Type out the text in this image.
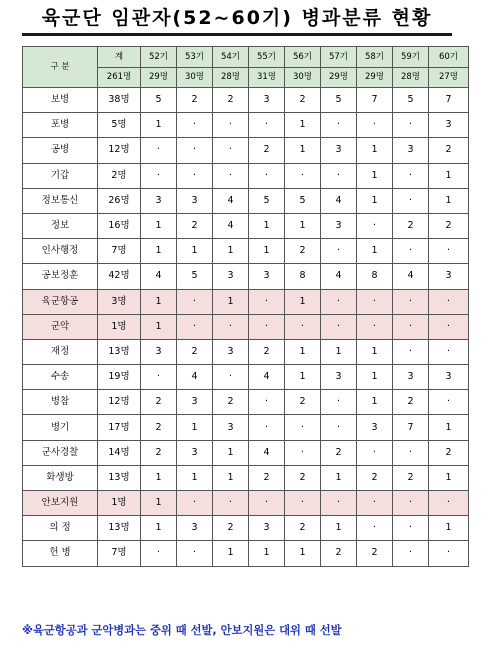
육군단 임관자(52~60기) 병과분류 현황
구 분	계	52기	53기	54기	55기	56기	57기	58기	59기	60기
	261명	29명	30명	28명	31명	30명	29명	29명	28명	27명
보병	38명	5	2	2	3	2	5	7	5	7
포병	5명	1	·	·	·	1	·	·	·	3
공병	12명	·	·	·	2	1	3	1	3	2
기갑	2명	·	·	·	·	·	·	1	·	1
정보통신	26명	3	3	4	5	5	4	1	·	1
정보	16명	1	2	4	1	1	3	·	2	2
인사행정	7명	1	1	1	1	2	·	1	·	·
공보정훈	42명	4	5	3	3	8	4	8	4	3
육군항공	3명	1	·	1	·	1	·	·	·	·
군악	1명	1	·	·	·	·	·	·	·	·
재정	13명	3	2	3	2	1	1	1	·	·
수송	19명	·	4	·	4	1	3	1	3	3
병참	12명	2	3	2	·	2	·	1	2	·
병기	17명	2	1	3	·	·	·	3	7	1
군사경찰	14명	2	3	1	4	·	2	·	·	2
화생방	13명	1	1	1	2	2	1	2	2	1
안보지원	1명	1	·	·	·	·	·	·	·	·
의 정	13명	1	3	2	3	2	1	·	·	1
헌 병	7명	·	·	1	1	1	2	2	·	·
※육군항공과 군악병과는 중위 때 선발, 안보지원은 대위 때 선발
